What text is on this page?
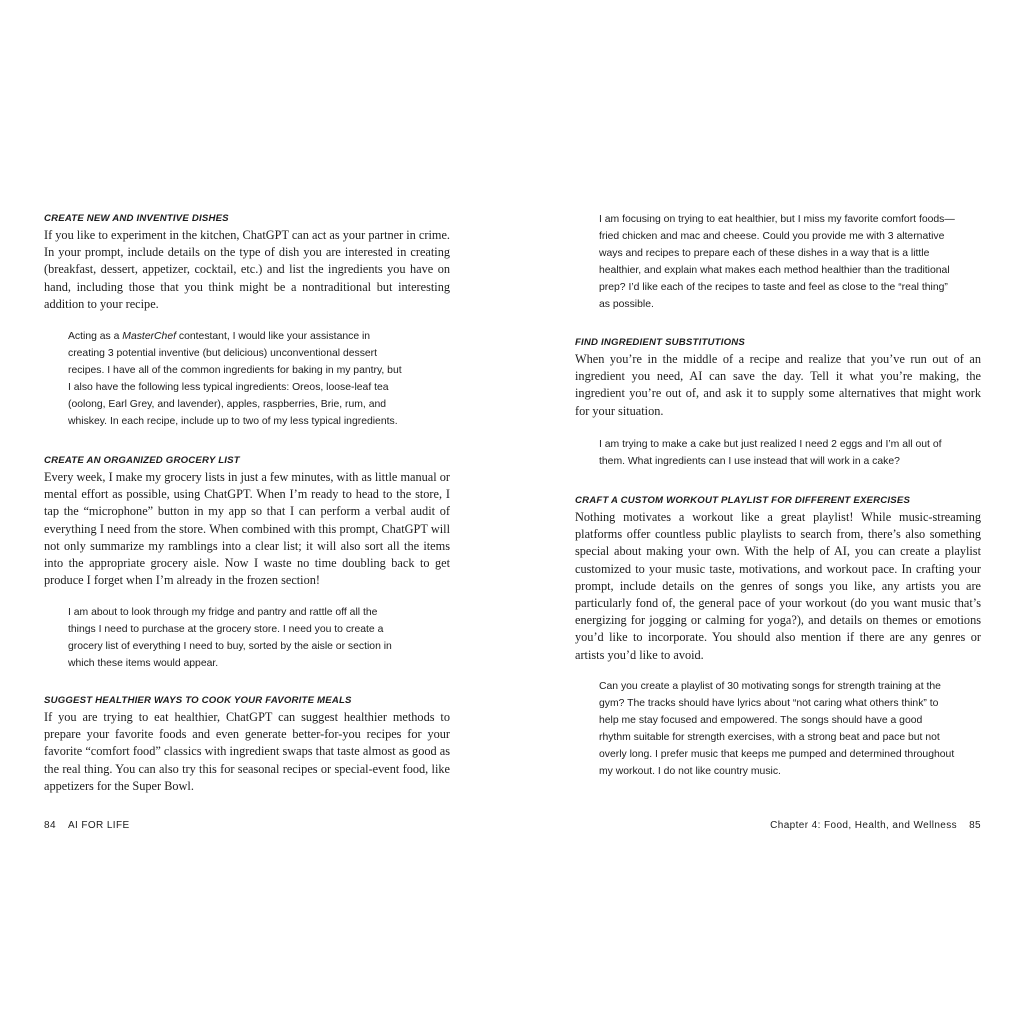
CREATE NEW AND INVENTIVE DISHES

If you like to experiment in the kitchen, ChatGPT can act as your partner in crime. In your prompt, include details on the type of dish you are interested in creating (breakfast, dessert, appetizer, cocktail, etc.) and list the ingredients you have on hand, including those that you think might be a nontraditional but interesting addition to your recipe.

Acting as a MasterChef contestant, I would like your assistance in creating 3 potential inventive (but delicious) unconventional dessert recipes. I have all of the common ingredients for baking in my pantry, but I also have the following less typical ingredients: Oreos, loose-leaf tea (oolong, Earl Grey, and lavender), apples, raspberries, Brie, rum, and whiskey. In each recipe, include up to two of my less typical ingredients.

CREATE AN ORGANIZED GROCERY LIST

Every week, I make my grocery lists in just a few minutes, with as little manual or mental effort as possible, using ChatGPT. When I’m ready to head to the store, I tap the “microphone” button in my app so that I can perform a verbal audit of everything I need from the store. When combined with this prompt, ChatGPT will not only summarize my ramblings into a clear list; it will also sort all the items into the appropriate grocery aisle. Now I waste no time doubling back to get produce I forget when I’m already in the frozen section!

I am about to look through my fridge and pantry and rattle off all the things I need to purchase at the grocery store. I need you to create a grocery list of everything I need to buy, sorted by the aisle or section in which these items would appear.

SUGGEST HEALTHIER WAYS TO COOK YOUR FAVORITE MEALS

If you are trying to eat healthier, ChatGPT can suggest healthier methods to prepare your favorite foods and even generate better-for-you recipes for your favorite “comfort food” classics with ingredient swaps that taste almost as good as the real thing. You can also try this for seasonal recipes or special-event food, like appetizers for the Super Bowl.

84 AI FOR LIFE

I am focusing on trying to eat healthier, but I miss my favorite comfort foods—fried chicken and mac and cheese. Could you provide me with 3 alternative ways and recipes to prepare each of these dishes in a way that is a little healthier, and explain what makes each method healthier than the traditional prep? I’d like each of the recipes to taste and feel as close to the “real thing” as possible.

FIND INGREDIENT SUBSTITUTIONS

When you’re in the middle of a recipe and realize that you’ve run out of an ingredient you need, AI can save the day. Tell it what you’re making, the ingredient you’re out of, and ask it to supply some alternatives that might work for your situation.

I am trying to make a cake but just realized I need 2 eggs and I’m all out of them. What ingredients can I use instead that will work in a cake?

CRAFT A CUSTOM WORKOUT PLAYLIST FOR DIFFERENT EXERCISES

Nothing motivates a workout like a great playlist! While music-streaming platforms offer countless public playlists to search from, there’s also something special about making your own. With the help of AI, you can create a playlist customized to your music taste, motivations, and workout pace. In crafting your prompt, include details on the genres of songs you like, any artists you are particularly fond of, the general pace of your workout (do you want music that’s energizing for jogging or calming for yoga?), and details on themes or emotions you’d like to incorporate. You should also mention if there are any genres or artists you’d like to avoid.

Can you create a playlist of 30 motivating songs for strength training at the gym? The tracks should have lyrics about “not caring what others think” to help me stay focused and empowered. The songs should have a good rhythm suitable for strength exercises, with a strong beat and pace but not overly long. I prefer music that keeps me pumped and determined throughout my workout. I do not like country music.

Chapter 4: Food, Health, and Wellness 85
